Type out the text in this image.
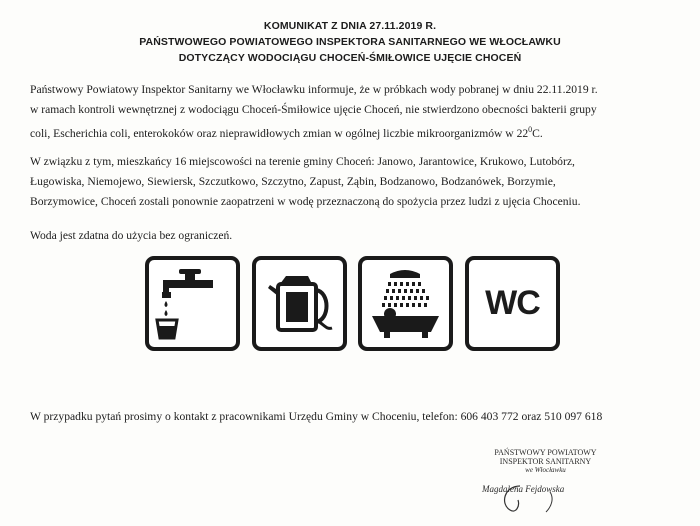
KOMUNIKAT Z DNIA 27.11.2019 R.
PAŃSTWOWEGO POWIATOWEGO INSPEKTORA SANITARNEGO WE WŁOCŁAWKU
DOTYCZĄCY WODOCIĄGU CHOCEŃ-ŚMIŁOWICE UJĘCIE CHOCEŃ
Państwowy Powiatowy Inspektor Sanitarny we Włocławku informuje, że w próbkach wody pobranej w dniu 22.11.2019 r.
w ramach kontroli wewnętrznej z wodociągu Choceń-Śmiłowice ujęcie Choceń, nie stwierdzono obecności bakterii grupy
coli, Escherichia coli, enterokoków oraz nieprawidłowych zmian w ogólnej liczbie mikroorganizmów w $22^0C$.
W związku z tym, mieszkańcy 16 miejscowości na terenie gminy Choceń: Janowo, Jarantowice, Krukowo, Lutobórz,
Ługowiska, Niemojewo, Siewiersk, Szczutkowo, Szczytno, Zapust, Ząbin, Bodzanowo, Bodzanówek, Borzymie,
Borzymowice, Choceń zostali ponownie zaopatrzeni w wodę przeznaczoną do spożycia przez ludzi z ujęcia Choceniu.
Woda jest zdatna do użycia bez ograniczeń.
WC
W przypadku pytań prosimy o kontakt z pracownikami Urzędu Gminy w Choceniu, telefon: 606 403 772 oraz 510 097 618
PAŃSTWOWY POWIATOWY
INSPEKTOR SANITARNY
we Włocławku
Magdalena Fejdowska
